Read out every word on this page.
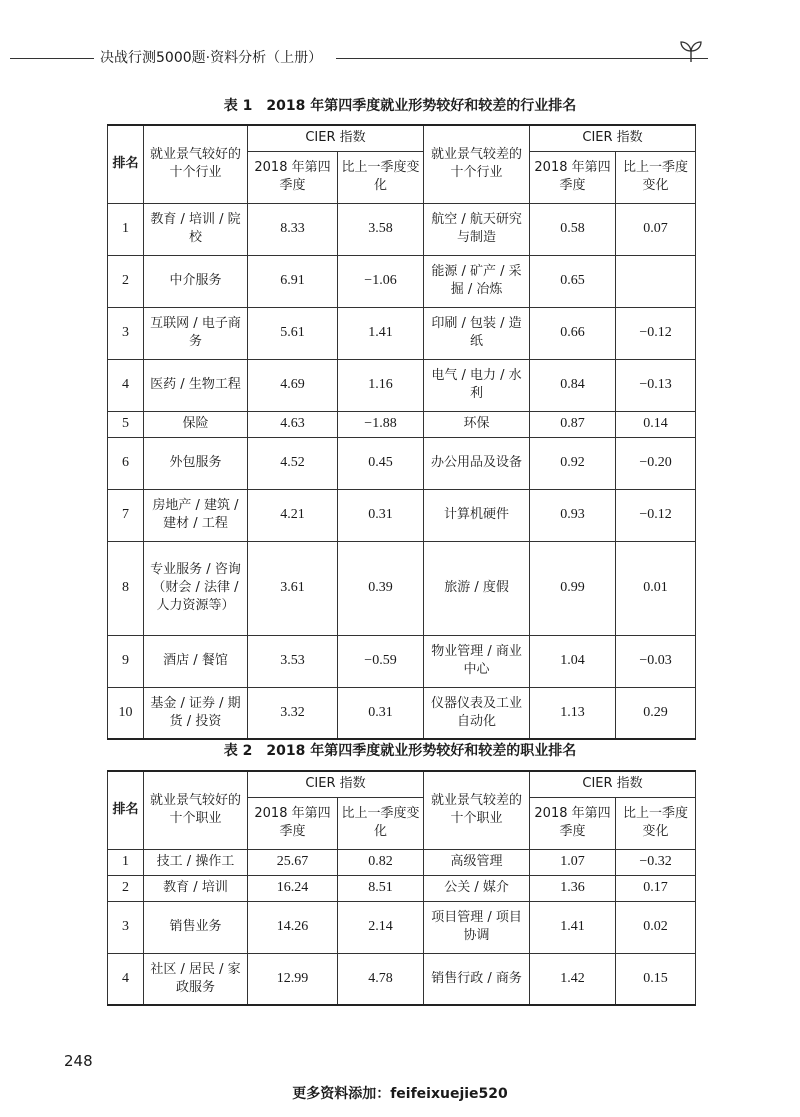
决战行测5000题·资料分析（上册）
表 1　2018 年第四季度就业形势较好和较差的行业排名
排名	就业景气较好的十个行业	CIER 指数		就业景气较差的十个行业	CIER 指数	
		2018 年第四季度	比上一季度变化		2018 年第四季度	比上一季度变化
1	教育 / 培训 / 院校	8.33	3.58	航空 / 航天研究与制造	0.58	0.07
2	中介服务	6.91	−1.06	能源 / 矿产 / 采掘 / 冶炼	0.65	
3	互联网 / 电子商务	5.61	1.41	印刷 / 包装 / 造纸	0.66	−0.12
4	医药 / 生物工程	4.69	1.16	电气 / 电力 / 水利	0.84	−0.13
5	保险	4.63	−1.88	环保	0.87	0.14
6	外包服务	4.52	0.45	办公用品及设备	0.92	−0.20
7	房地产 / 建筑 / 建材 / 工程	4.21	0.31	计算机硬件	0.93	−0.12
8	专业服务 / 咨询（财会 / 法律 / 人力资源等）	3.61	0.39	旅游 / 度假	0.99	0.01
9	酒店 / 餐馆	3.53	−0.59	物业管理 / 商业中心	1.04	−0.03
10	基金 / 证券 / 期货 / 投资	3.32	0.31	仪器仪表及工业自动化	1.13	0.29
表 2　2018 年第四季度就业形势较好和较差的职业排名
排名	就业景气较好的十个职业	CIER 指数		就业景气较差的十个职业	CIER 指数	
		2018 年第四季度	比上一季度变化		2018 年第四季度	比上一季度变化
1	技工 / 操作工	25.67	0.82	高级管理	1.07	−0.32
2	教育 / 培训	16.24	8.51	公关 / 媒介	1.36	0.17
3	销售业务	14.26	2.14	项目管理 / 项目协调	1.41	0.02
4	社区 / 居民 / 家政服务	12.99	4.78	销售行政 / 商务	1.42	0.15
248
更多资料添加：feifeixuejie520
